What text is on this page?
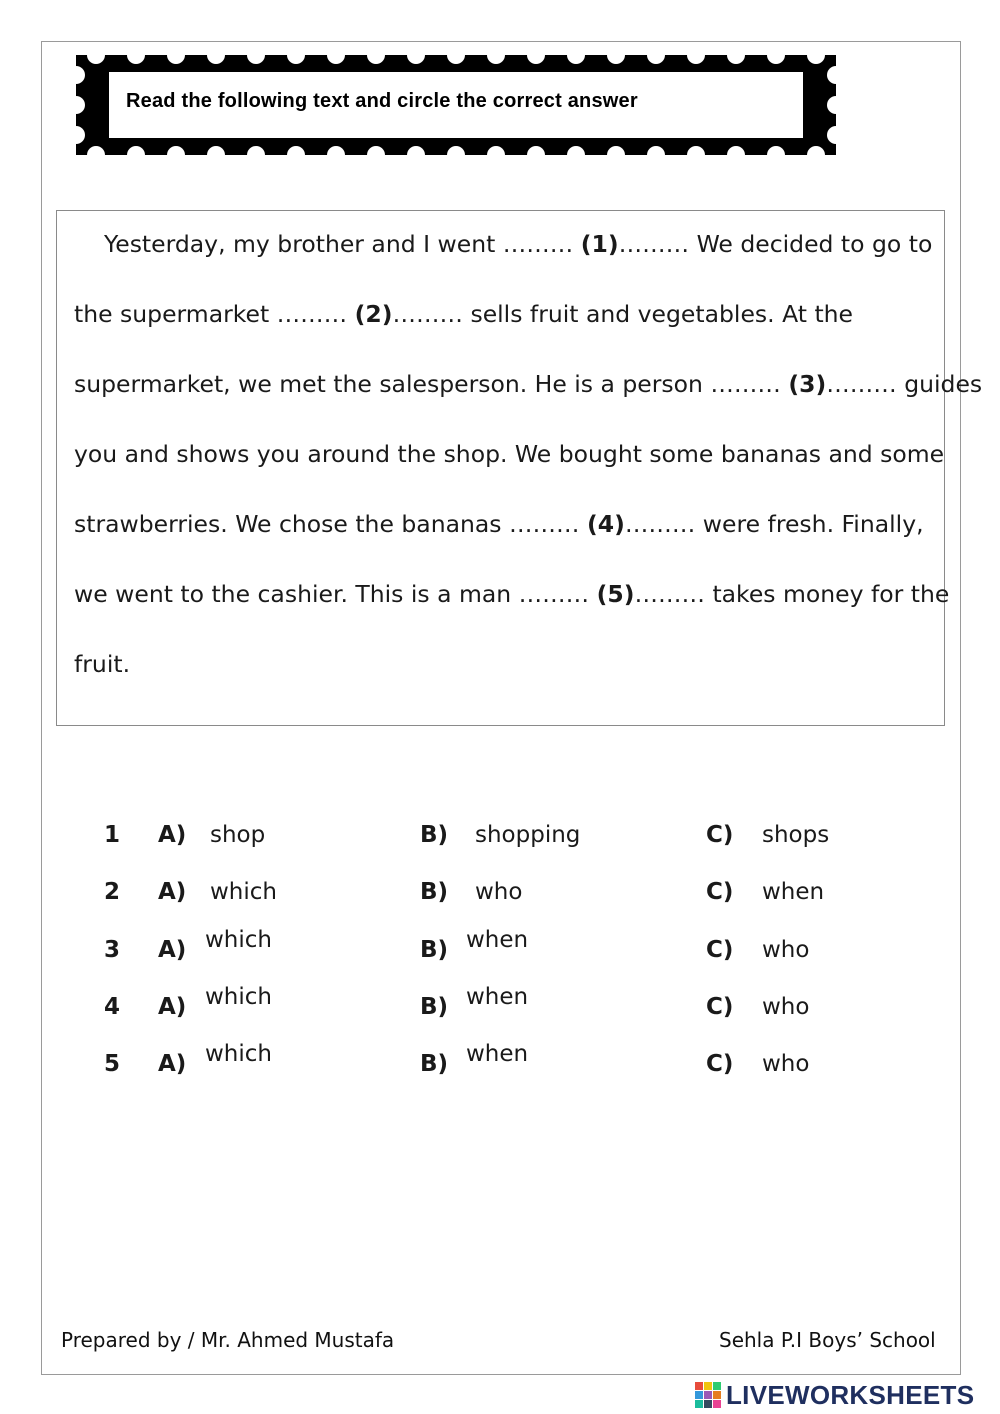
Read the following text and circle the correct answer
Yesterday, my brother and I went ……… (1)……… We decided to go to
the supermarket ……… (2)……… sells fruit and vegetables. At the
supermarket, we met the salesperson. He is a person ……… (3)……… guides
you and shows you around the shop. We bought some bananas and some
strawberries. We chose the bananas ……… (4)……… were fresh. Finally,
we went to the cashier. This is a man ……… (5)……… takes money for the
fruit.
1 A) shop	B) shopping	C) shops
2 A) which	B) who	C) when
3 A) which	B) when	C) who
4 A) which	B) when	C) who
5 A) which	B) when	C) who
Prepared by / Mr. Ahmed Mustafa	Sehla P.I Boys’ School
LIVEWORKSHEETS
